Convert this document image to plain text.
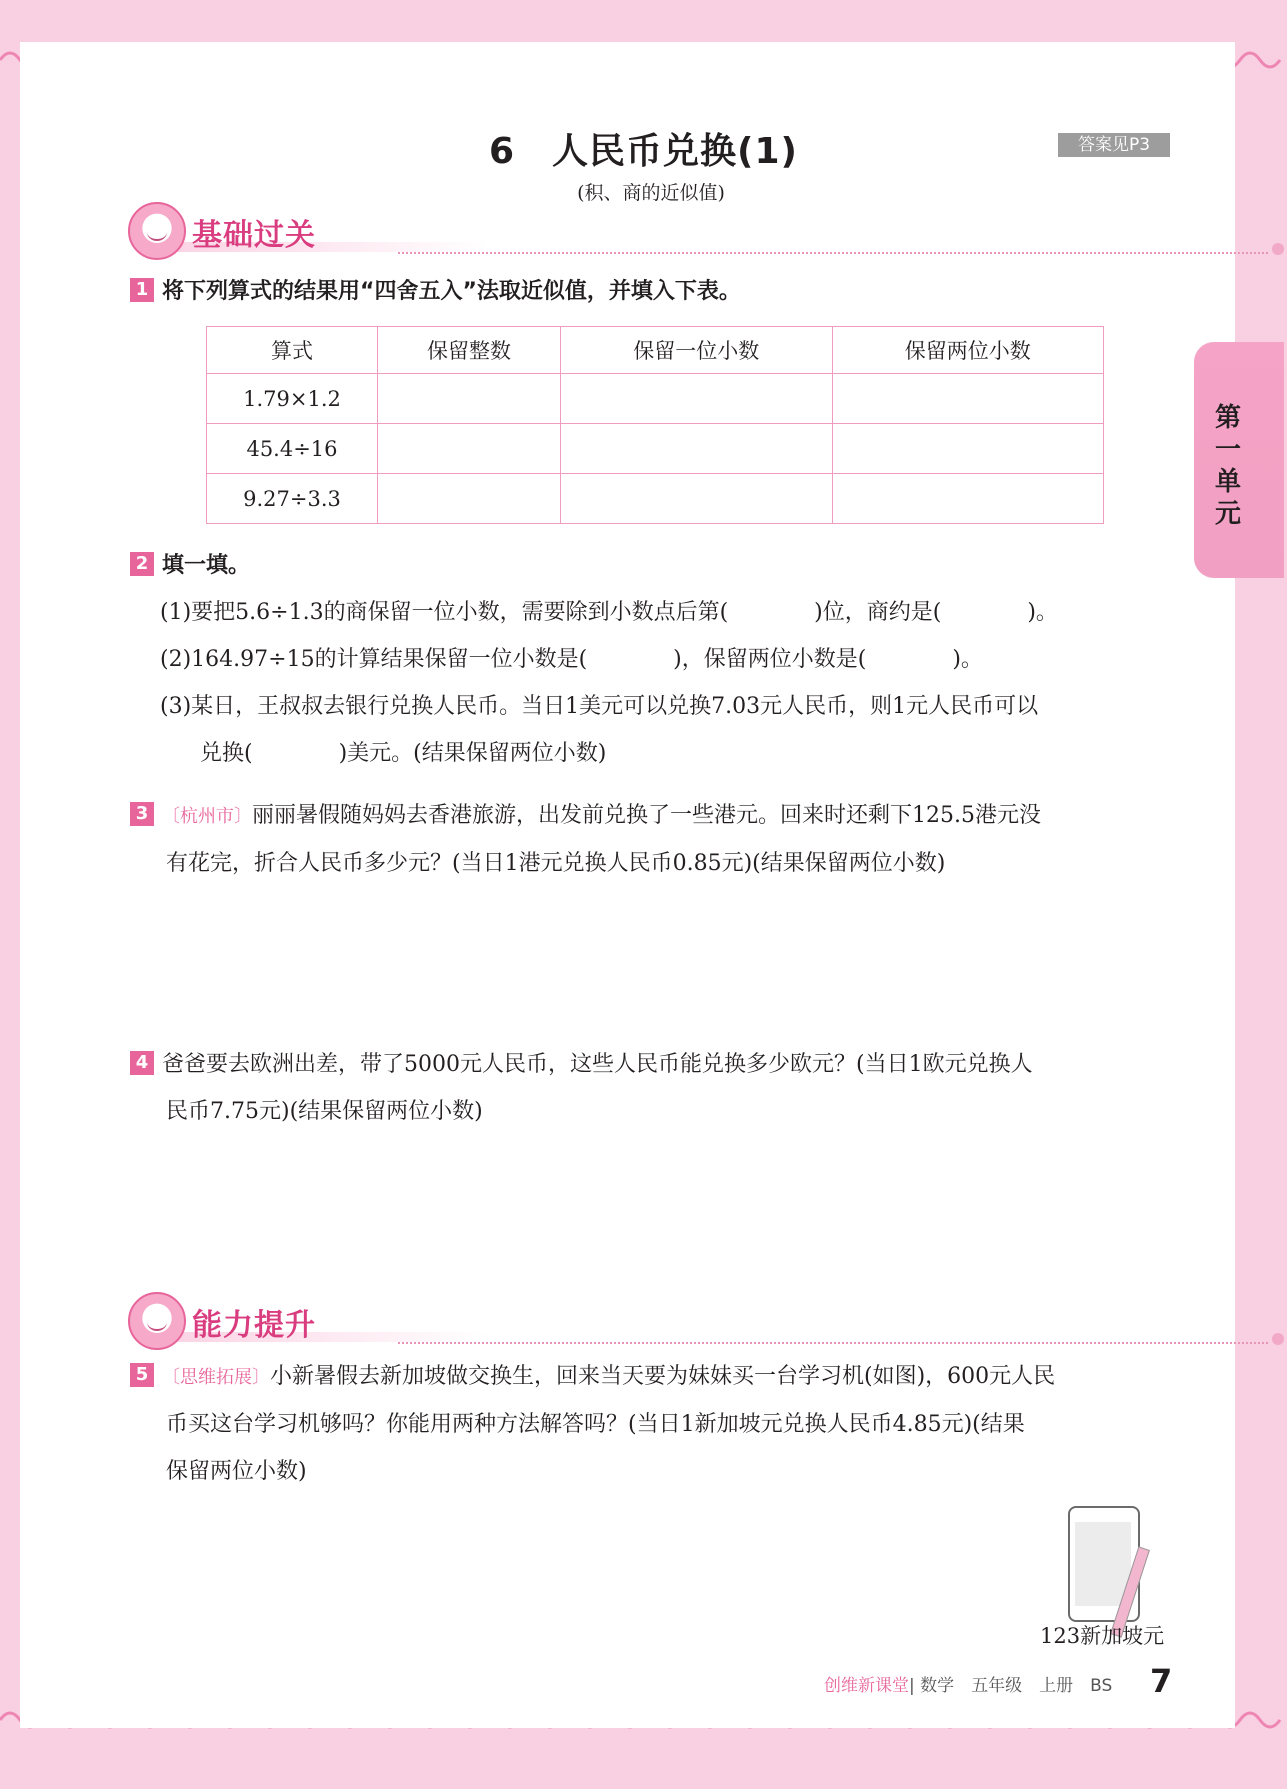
6　人民币兑换(1)	答案见P3
(积、商的近似值)
第一单元
基础过关
1 将下列算式的结果用“四舍五入”法取近似值，并填入下表。
算式	保留整数	保留一位小数	保留两位小数
1.79×1.2			
45.4÷16			
9.27÷3.3			
2 填一填。
(1)要把5.6÷1.3的商保留一位小数，需要除到小数点后第(	)位，商约是(	)。
(2)164.97÷15的计算结果保留一位小数是(	)，保留两位小数是(	)。
(3)某日，王叔叔去银行兑换人民币。当日1美元可以兑换7.03元人民币，则1元人民币可以
兑换(	)美元。(结果保留两位小数)
3 〔杭州市〕丽丽暑假随妈妈去香港旅游，出发前兑换了一些港元。回来时还剩下125.5港元没
有花完，折合人民币多少元？(当日1港元兑换人民币0.85元)(结果保留两位小数)
4 爸爸要去欧洲出差，带了5000元人民币，这些人民币能兑换多少欧元？(当日1欧元兑换人
民币7.75元)(结果保留两位小数)
能力提升
5 〔思维拓展〕小新暑假去新加坡做交换生，回来当天要为妹妹买一台学习机(如图)，600元人民
币买这台学习机够吗？你能用两种方法解答吗？(当日1新加坡元兑换人民币4.85元)(结果
保留两位小数)
123新加坡元
创维新课堂| 数学　五年级　上册　BS 7
